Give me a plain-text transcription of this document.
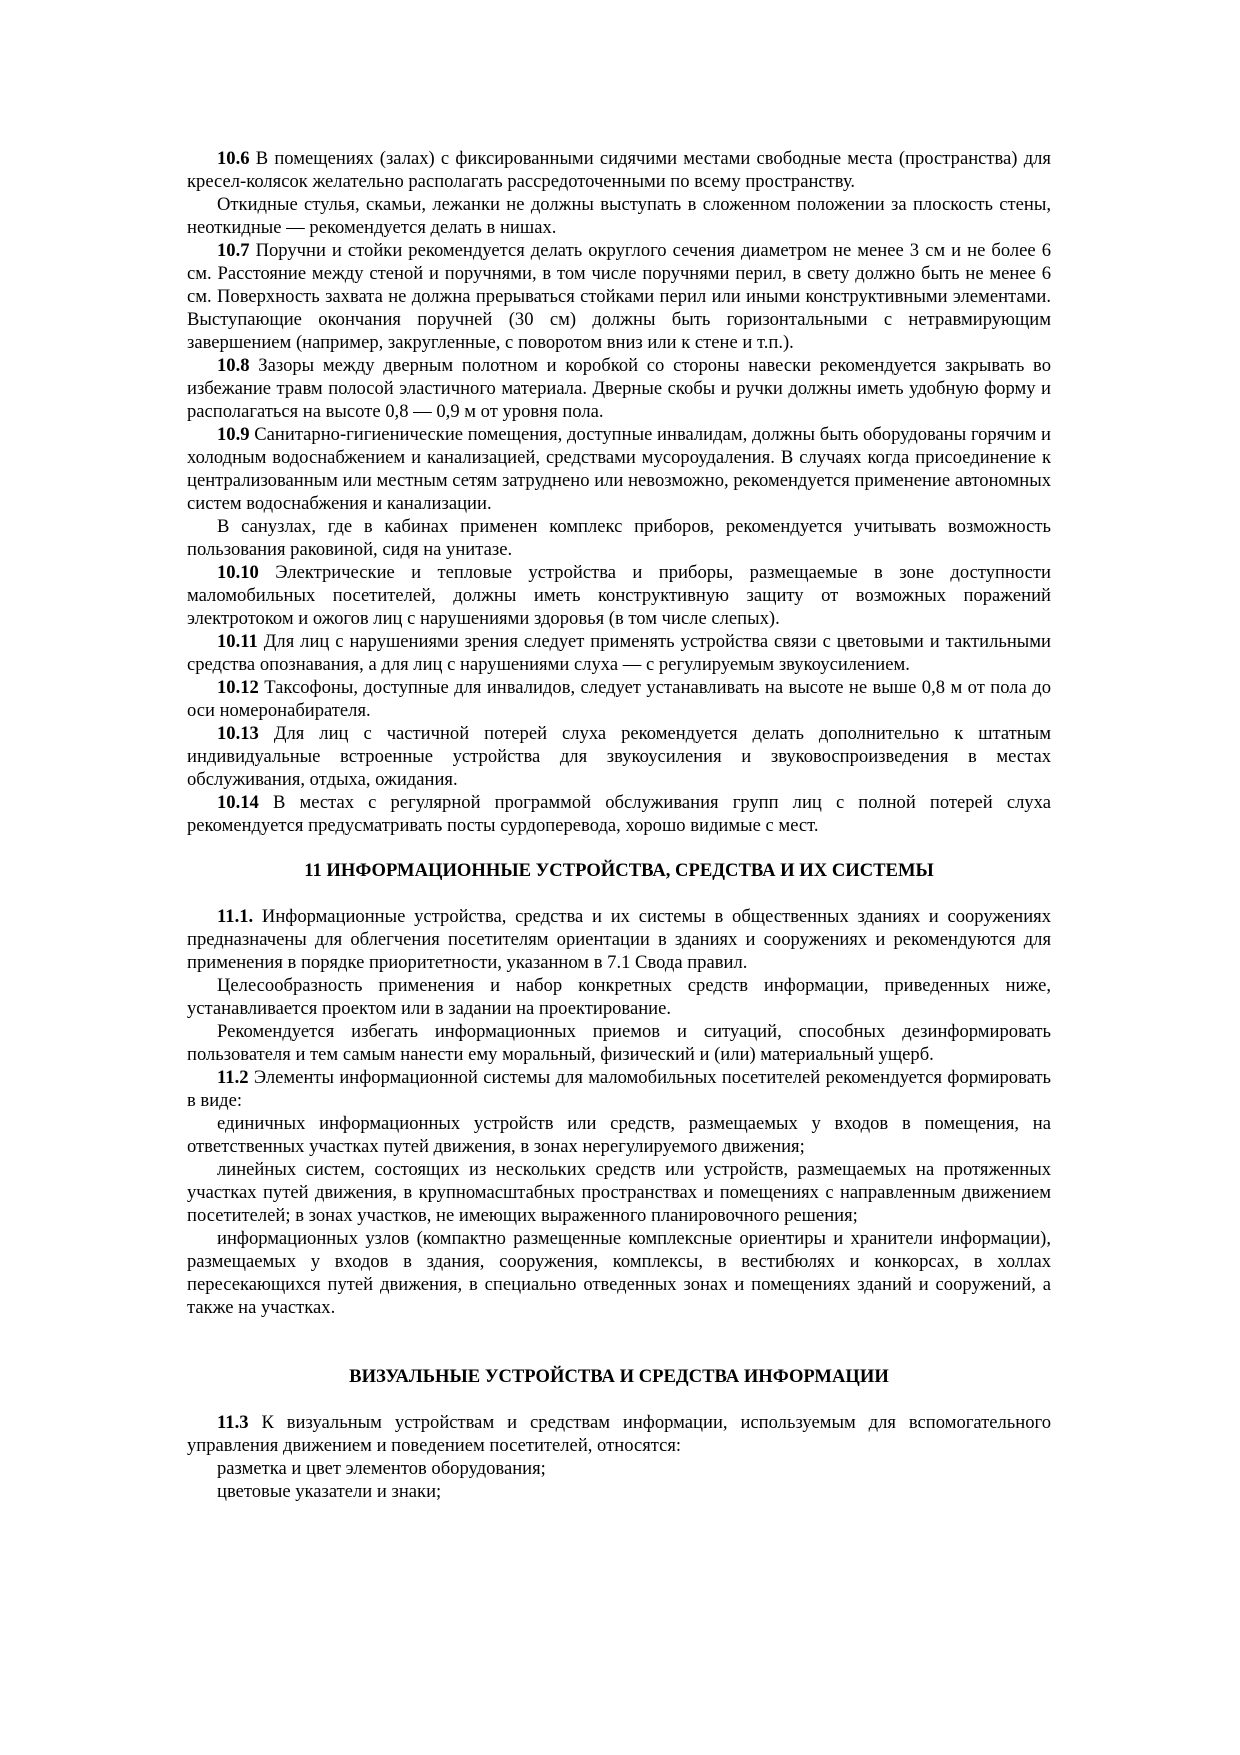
10.6 В помещениях (залах) с фиксированными сидячими местами свободные места (пространства) для кресел-колясок желательно располагать рассредоточенными по всему пространству.

Откидные стулья, скамьи, лежанки не должны выступать в сложенном положении за плоскость стены, неоткидные — рекомендуется делать в нишах.

10.7 Поручни и стойки рекомендуется делать округлого сечения диаметром не менее 3 см и не более 6 см. Расстояние между стеной и поручнями, в том числе поручнями перил, в свету должно быть не менее 6 см. Поверхность захвата не должна прерываться стойками перил или иными конструктивными элементами. Выступающие окончания поручней (30 см) должны быть горизонтальными с нетравмирующим завершением (например, закругленные, с поворотом вниз или к стене и т.п.).

10.8 Зазоры между дверным полотном и коробкой со стороны навески рекомендуется закрывать во избежание травм полосой эластичного материала. Дверные скобы и ручки должны иметь удобную форму и располагаться на высоте 0,8 — 0,9 м от уровня пола.

10.9 Санитарно-гигиенические помещения, доступные инвалидам, должны быть оборудованы горячим и холодным водоснабжением и канализацией, средствами мусороудаления. В случаях когда присоединение к централизованным или местным сетям затруднено или невозможно, рекомендуется применение автономных систем водоснабжения и канализации.

В санузлах, где в кабинах применен комплекс приборов, рекомендуется учитывать возможность пользования раковиной, сидя на унитазе.

10.10 Электрические и тепловые устройства и приборы, размещаемые в зоне доступности маломобильных посетителей, должны иметь конструктивную защиту от возможных поражений электротоком и ожогов лиц с нарушениями здоровья (в том числе слепых).

10.11 Для лиц с нарушениями зрения следует применять устройства связи с цветовыми и тактильными средства опознавания, а для лиц с нарушениями слуха — с регулируемым звукоусилением.

10.12 Таксофоны, доступные для инвалидов, следует устанавливать на высоте не выше 0,8 м от пола до оси номеронабирателя.

10.13 Для лиц с частичной потерей слуха рекомендуется делать дополнительно к штатным индивидуальные встроенные устройства для звукоусиления и звуковоспроизведения в местах обслуживания, отдыха, ожидания.

10.14 В местах с регулярной программой обслуживания групп лиц с полной потерей слуха рекомендуется предусматривать посты сурдоперевода, хорошо видимые с мест.

11 ИНФОРМАЦИОННЫЕ УСТРОЙСТВА, СРЕДСТВА И ИХ СИСТЕМЫ

11.1. Информационные устройства, средства и их системы в общественных зданиях и сооружениях предназначены для облегчения посетителям ориентации в зданиях и сооружениях и рекомендуются для применения в порядке приоритетности, указанном в 7.1 Свода правил.

Целесообразность применения и набор конкретных средств информации, приведенных ниже, устанавливается проектом или в задании на проектирование.

Рекомендуется избегать информационных приемов и ситуаций, способных дезинформировать пользователя и тем самым нанести ему моральный, физический и (или) материальный ущерб.

11.2 Элементы информационной системы для маломобильных посетителей рекомендуется формировать в виде:

единичных информационных устройств или средств, размещаемых у входов в помещения, на ответственных участках путей движения, в зонах нерегулируемого движения;

линейных систем, состоящих из нескольких средств или устройств, размещаемых на протяженных участках путей движения, в крупномасштабных пространствах и помещениях с направленным движением посетителей; в зонах участков, не имеющих выраженного планировочного решения;

информационных узлов (компактно размещенные комплексные ориентиры и хранители информации), размещаемых у входов в здания, сооружения, комплексы, в вестибюлях и конкорсах, в холлах пересекающихся путей движения, в специально отведенных зонах и помещениях зданий и сооружений, а также на участках.

ВИЗУАЛЬНЫЕ УСТРОЙСТВА И СРЕДСТВА ИНФОРМАЦИИ

11.3 К визуальным устройствам и средствам информации, используемым для вспомогательного управления движением и поведением посетителей, относятся:

разметка и цвет элементов оборудования;

цветовые указатели и знаки;
